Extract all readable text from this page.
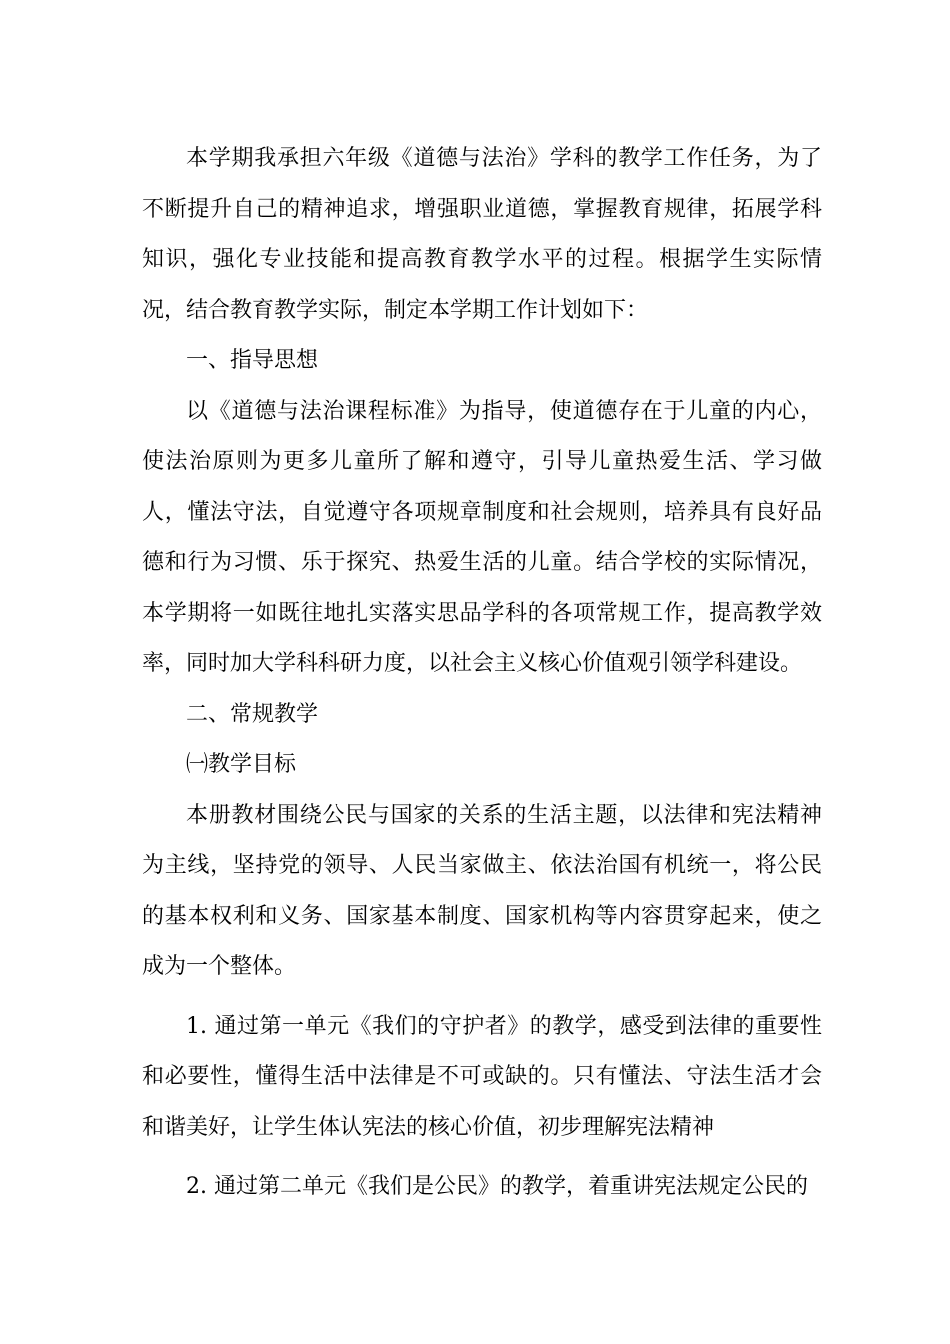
本学期我承担六年级《道德与法治》学科的教学工作任务，为了不断提升自己的精神追求，增强职业道德，掌握教育规律，拓展学科知识，强化专业技能和提高教育教学水平的过程。根据学生实际情况，结合教育教学实际，制定本学期工作计划如下：

一、指导思想

以《道德与法治课程标准》为指导，使道德存在于儿童的内心，使法治原则为更多儿童所了解和遵守，引导儿童热爱生活、学习做人，懂法守法，自觉遵守各项规章制度和社会规则，培养具有良好品德和行为习惯、乐于探究、热爱生活的儿童。结合学校的实际情况，本学期将一如既往地扎实落实思品学科的各项常规工作，提高教学效率，同时加大学科科研力度，以社会主义核心价值观引领学科建设。

二、常规教学

㈠教学目标

本册教材围绕公民与国家的关系的生活主题，以法律和宪法精神为主线，坚持党的领导、人民当家做主、依法治国有机统一，将公民的基本权利和义务、国家基本制度、国家机构等内容贯穿起来，使之成为一个整体。

1. 通过第一单元《我们的守护者》的教学，感受到法律的重要性和必要性，懂得生活中法律是不可或缺的。只有懂法、守法生活才会和谐美好，让学生体认宪法的核心价值，初步理解宪法精神

2. 通过第二单元《我们是公民》的教学，着重讲宪法规定公民的
